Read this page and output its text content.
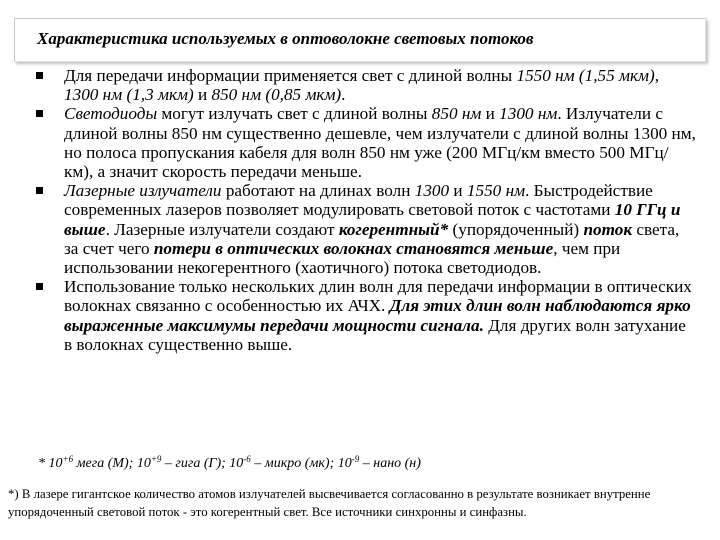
Характеристика используемых в оптоволокне световых потоков
Для передачи информации применяется свет с длиной волны 1550 нм (1,55 мкм), 1300 нм (1,3 мкм) и 850 нм (0,85 мкм).
Светодиоды могут излучать свет с длиной волны 850 нм и 1300 нм. Излучатели с длиной волны 850 нм существенно дешевле, чем излучатели с длиной волны 1300 нм, но полоса пропускания кабеля для волн 850 нм уже (200 МГц/км вместо 500 МГц/км), а значит скорость передачи меньше.
Лазерные излучатели работают на длинах волн 1300 и 1550 нм. Быстродействие современных лазеров позволяет модулировать световой поток с частотами 10 ГГц и выше. Лазерные излучатели создают когерентный* (упорядоченный) поток света, за счет чего потери в оптических волокнах становятся меньше, чем при использовании некогерентного (хаотичного) потока светодиодов.
Использование только нескольких длин волн для передачи информации в оптических волокнах связанно с особенностью их АЧХ. Для этих длин волн наблюдаются ярко выраженные максимумы передачи мощности сигнала. Для других волн затухание в волокнах существенно выше.
* $10^{+6}$ мега (М); $10^{+9}$ – гига (Г); $10^{-6}$ – микро (мк); $10^{-9}$ – нано (н)
*) В лазере гигантское количество атомов излучателей высвечивается согласованно в результате возникает внутренне упорядоченный световой поток - это когерентный свет. Все источники синхронны и синфазны.
